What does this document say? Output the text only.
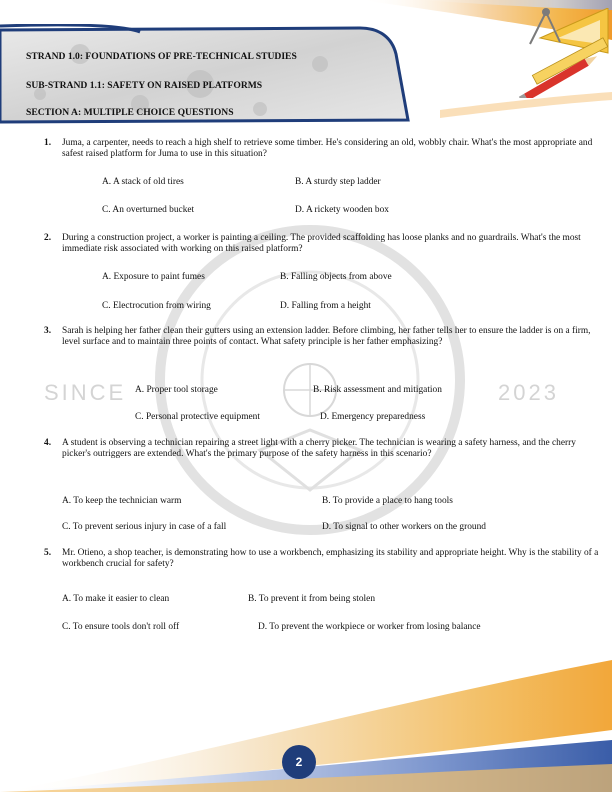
STRAND 1.0: FOUNDATIONS OF PRE-TECHNICAL STUDIES
SUB-STRAND 1.1: SAFETY ON RAISED PLATFORMS
SECTION A: MULTIPLE CHOICE QUESTIONS
SINCE	2023
1. Juma, a carpenter, needs to reach a high shelf to retrieve some timber. He's considering an old, wobbly chair. What's the most appropriate and safest raised platform for Juma to use in this situation?
A. A stack of old tires	B. A sturdy step ladder
C. An overturned bucket	D. A rickety wooden box
2. During a construction project, a worker is painting a ceiling. The provided scaffolding has loose planks and no guardrails. What's the most immediate risk associated with working on this raised platform?
A. Exposure to paint fumes	B. Falling objects from above
C. Electrocution from wiring	D. Falling from a height
3. Sarah is helping her father clean their gutters using an extension ladder. Before climbing, her father tells her to ensure the ladder is on a firm, level surface and to maintain three points of contact. What safety principle is her father emphasizing?
A. Proper tool storage	B. Risk assessment and mitigation
C. Personal protective equipment	D. Emergency preparedness
4. A student is observing a technician repairing a street light with a cherry picker. The technician is wearing a safety harness, and the cherry picker's outriggers are extended. What's the primary purpose of the safety harness in this scenario?
A. To keep the technician warm	B. To provide a place to hang tools
C. To prevent serious injury in case of a fall	D. To signal to other workers on the ground
5. Mr. Otieno, a shop teacher, is demonstrating how to use a workbench, emphasizing its stability and appropriate height. Why is the stability of a workbench crucial for safety?
A. To make it easier to clean	B. To prevent it from being stolen
C. To ensure tools don't roll off	D. To prevent the workpiece or worker from losing balance
2
